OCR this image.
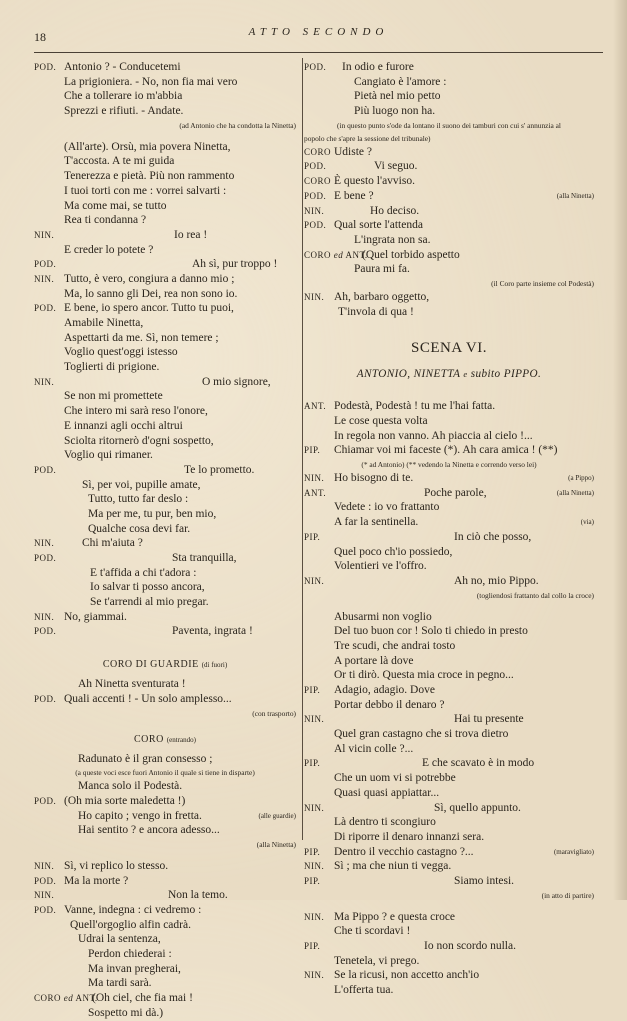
18	ATTO SECONDO
POD. Antonio ? - Conducetemi
La prigioniera. - No, non fia mai vero
Che a tollerare io m'abbia
Sprezzi e rifiuti. - Andate.
(ad Antonio che ha condotta la Ninetta)
(All'arte). Orsù, mia povera Ninetta,
T'accosta. A te mi guida
Tenerezza e pietà. Più non rammento
I tuoi torti con me : vorrei salvarti :
Ma come mai, se tutto
Rea ti condanna ?
NIN.	Io rea !
E creder lo potete ?
POD.	Ah sì, pur troppo !
NIN. Tutto, è vero, congiura a danno mio ;
Ma, lo sanno gli Dei, rea non sono io.
POD. E bene, io spero ancor. Tutto tu puoi,
Amabile Ninetta,
Aspettarti da me. Sì, non temere ;
Voglio quest'oggi istesso
Toglierti di prigione.
NIN.	O mio signore,
Se non mi promettete
Che intero mi sarà reso l'onore,
E innanzi agli occhi altrui
Sciolta ritornerò d'ogni sospetto,
Voglio qui rimaner.
POD.	Te lo prometto.
Sì, per voi, pupille amate,
Tutto, tutto far deslo :
Ma per me, tu pur, ben mio,
Qualche cosa devi far.
NIN. Chi m'aiuta ?
POD.	Sta tranquilla,
E t'affida a chi t'adora :
Io salvar ti posso ancora,
Se t'arrendi al mio pregar.
NIN. No, giammai.
POD.	Paventa, ingrata !
CORO DI GUARDIE (di fuori)
Ah Ninetta sventurata !
POD. Quali accenti ! - Un solo amplesso...
(con trasporto)
CORO (entrando)
Radunato è il gran consesso ;
(a queste voci esce fuori Antonio il quale si tiene in disparte)
Manca solo il Podestà.
POD. (Oh mia sorte maledetta !)
Ho capito ; vengo in fretta.	(alle guardie)
Hai sentito ? e ancora adesso...
(alla Ninetta)
NIN. Sì, vi replico lo stesso.
POD. Ma la morte ?
NIN.	Non la temo.
POD. Vanne, indegna : ci vedremo :
Quell'orgoglio alfin cadrà.
Udrai la sentenza,
Perdon chiederai :
Ma invan pregherai,
Ma tardi sarà.
CORO ed ANT.
(Oh ciel, che fia mai !
Sospetto mi dà.)
POD. In odio e furore
Cangiato è l'amore :
Pietà nel mio petto
Più luogo non ha.
(in questo punto s'ode da lontano il suono dei tamburi con cui s' annunzia al
popolo che s'apre la sessione del tribunale)
CORO Udiste ?
POD.	Vi seguo.
CORO È questo l'avviso.
POD. E bene ?	(alla Ninetta)
NIN.	Ho deciso.
POD. Qual sorte l'attenda
L'ingrata non sa.
CORO ed ANT.
(Quel torbido aspetto
Paura mi fa.
(il Coro parte insieme col Podestà)
NIN. Ah, barbaro oggetto,
T'invola di qua !
SCENA VI.
ANTONIO, NINETTA e subito PIPPO.
ANT. Podestà, Podestà ! tu me l'hai fatta.
Le cose questa volta
In regola non vanno. Ah piaccia al cielo !...
PIP. Chiamar voi mi faceste (*). Ah cara amica ! (**)
(* ad Antonio) (** vedendo la Ninetta e correndo verso lei)
NIN. Ho bisogno di te.	(a Pippo)
ANT.	Poche parole,	(alla Ninetta)
Vedete : io vo frattanto
A far la sentinella.	(via)
PIP.	In ciò che posso,
Quel poco ch'io possiedo,
Volentieri ve l'offro.
NIN.	Ah no, mio Pippo.
(togliendosi frattanto dal collo la croce)
Abusarmi non voglio
Del tuo buon cor ! Solo ti chiedo in presto
Tre scudi, che andrai tosto
A portare là dove
Or ti dirò. Questa mia croce in pegno...
PIP. Adagio, adagio. Dove
Portar debbo il denaro ?
NIN.	Hai tu presente
Quel gran castagno che si trova dietro
Al vicin colle ?...
PIP.	E che scavato è in modo
Che un uom vi si potrebbe
Quasi quasi appiattar...
NIN.	Sì, quello appunto.
Là dentro ti scongiuro
Di riporre il denaro innanzi sera.
PIP. Dentro il vecchio castagno ?...	(maravigliato)
NIN. Sì ; ma che niun ti vegga.
PIP.	Siamo intesi.
(in atto di partire)
NIN. Ma Pippo ? e questa croce
Che ti scordavi !
PIP.	Io non scordo nulla.
Tenetela, vi prego.
NIN. Se la ricusi, non accetto anch'io
L'offerta tua.
